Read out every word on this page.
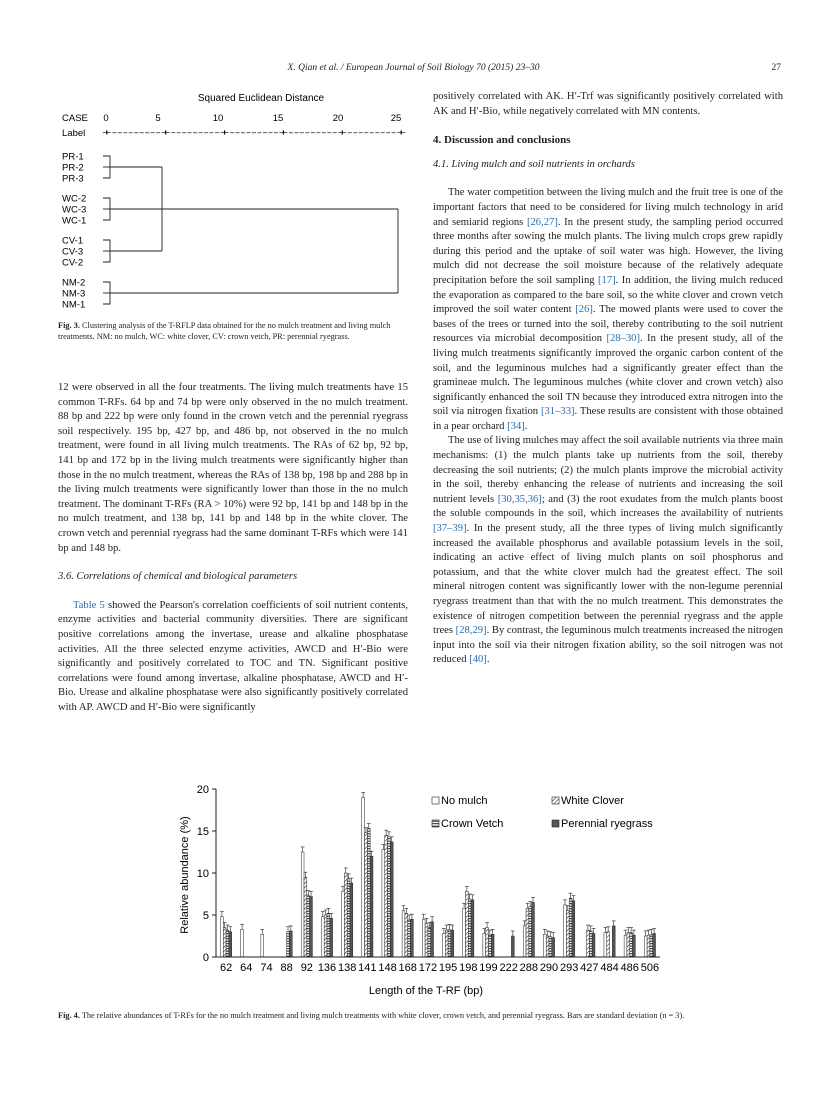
X. Qian et al. / European Journal of Soil Biology 70 (2015) 23–30	27
Squared Euclidean Distance
CASE
Label
0	5	10	15	20	25
+---------+---------+---------+---------+---------+
PR-1
PR-2
PR-3
WC-2
WC-3
WC-1
CV-1
CV-3
CV-2
NM-2
NM-3
NM-1
Fig. 3. Clustering analysis of the T-RFLP data obtained for the no mulch treatment and living mulch treatments. NM: no mulch, WC: white clover, CV: crown vetch, PR: perennial ryegrass.

12 were observed in all the four treatments. The living mulch treatments have 15 common T-RFs. 64 bp and 74 bp were only observed in the no mulch treatment. 88 bp and 222 bp were only found in the crown vetch and the perennial ryegrass soil respectively. 195 bp, 427 bp, and 486 bp, not observed in the no mulch treatment, were found in all living mulch treatments. The RAs of 62 bp, 92 bp, 141 bp and 172 bp in the living mulch treatments were significantly higher than those in the no mulch treatment, whereas the RAs of 138 bp, 198 bp and 288 bp in the living mulch treatments were significantly lower than those in the no mulch treatment. The dominant T-RFs (RA > 10%) were 92 bp, 141 bp and 148 bp in the no mulch treatment, and 138 bp, 141 bp and 148 bp in the white clover. The crown vetch and perennial ryegrass had the same dominant T-RFs which were 141 bp and 148 bp.

3.6. Correlations of chemical and biological parameters

Table 5 showed the Pearson's correlation coefficients of soil nutrient contents, enzyme activities and bacterial community diversities. There are significant positive correlations among the invertase, urease and alkaline phosphatase activities. All the three selected enzyme activities, AWCD and H′-Bio were significantly and positively correlated to TOC and TN. Significant positive correlations were found among invertase, alkaline phosphatase, AWCD and H′-Bio. Urease and alkaline phosphatase were also significantly positively correlated with AP. AWCD and H′-Bio were significantly

positively correlated with AK. H′-Trf was significantly positively correlated with AK and H′-Bio, while negatively correlated with MN contents.

4. Discussion and conclusions
4.1. Living mulch and soil nutrients in orchards

The water competition between the living mulch and the fruit tree is one of the important factors that need to be considered for living mulch technology in arid and semiarid regions [26,27]. In the present study, the sampling period occurred three months after sowing the mulch plants. The living mulch crops grew rapidly during this period and the uptake of soil water was high. However, the living mulch did not decrease the soil moisture because of the relatively adequate precipitation before the soil sampling [17]. In addition, the living mulch reduced the evaporation as compared to the bare soil, so the white clover and crown vetch improved the soil water content [26]. The mowed plants were used to cover the bases of the trees or turned into the soil, thereby contributing to the soil nutrient resources via microbial decomposition [28–30]. In the present study, all of the living mulch treatments significantly improved the organic carbon content of the soil, and the leguminous mulches had a significantly greater effect than the gramineae mulch. The leguminous mulches (white clover and crown vetch) also significantly enhanced the soil TN because they introduced extra nitrogen into the soil via nitrogen fixation [31–33]. These results are consistent with those obtained in a pear orchard [34].

The use of living mulches may affect the soil available nutrients via three main mechanisms: (1) the mulch plants take up nutrients from the soil, thereby decreasing the soil nutrients; (2) the mulch plants improve the microbial activity in the soil, thereby enhancing the release of nutrients and increasing the soil nutrient levels [30,35,36]; and (3) the root exudates from the mulch plants boost the soluble compounds in the soil, which increases the availability of nutrients [37–39]. In the present study, all the three types of living mulch significantly increased the available phosphorus and available potassium levels in the soil, indicating an active effect of living mulch plants on soil phosphorus and potassium, and that the white clover mulch had the greatest effect. The soil mineral nitrogen content was significantly lower with the non-legume perennial ryegrass treatment than that with the no mulch treatment. This demonstrates the existence of nitrogen competition between the perennial ryegrass and the apple trees [28,29]. By contrast, the leguminous mulch treatments increased the nitrogen input into the soil via their nitrogen fixation ability, so the soil nitrogen was not reduced [40].

0
5
10
15
20
62 64 74 88 92 136 138 141 148 168 172 195 198 199 222 288 290 293 427 484 486 506
Relative abundance (%)
Length of the T-RF (bp)
No mulch	White Clover
Crown Vetch	Perennial ryegrass
Fig. 4. The relative abundances of T-RFs for the no mulch treatment and living mulch treatments with white clover, crown vetch, and perennial ryegrass. Bars are standard deviation (n = 3).
